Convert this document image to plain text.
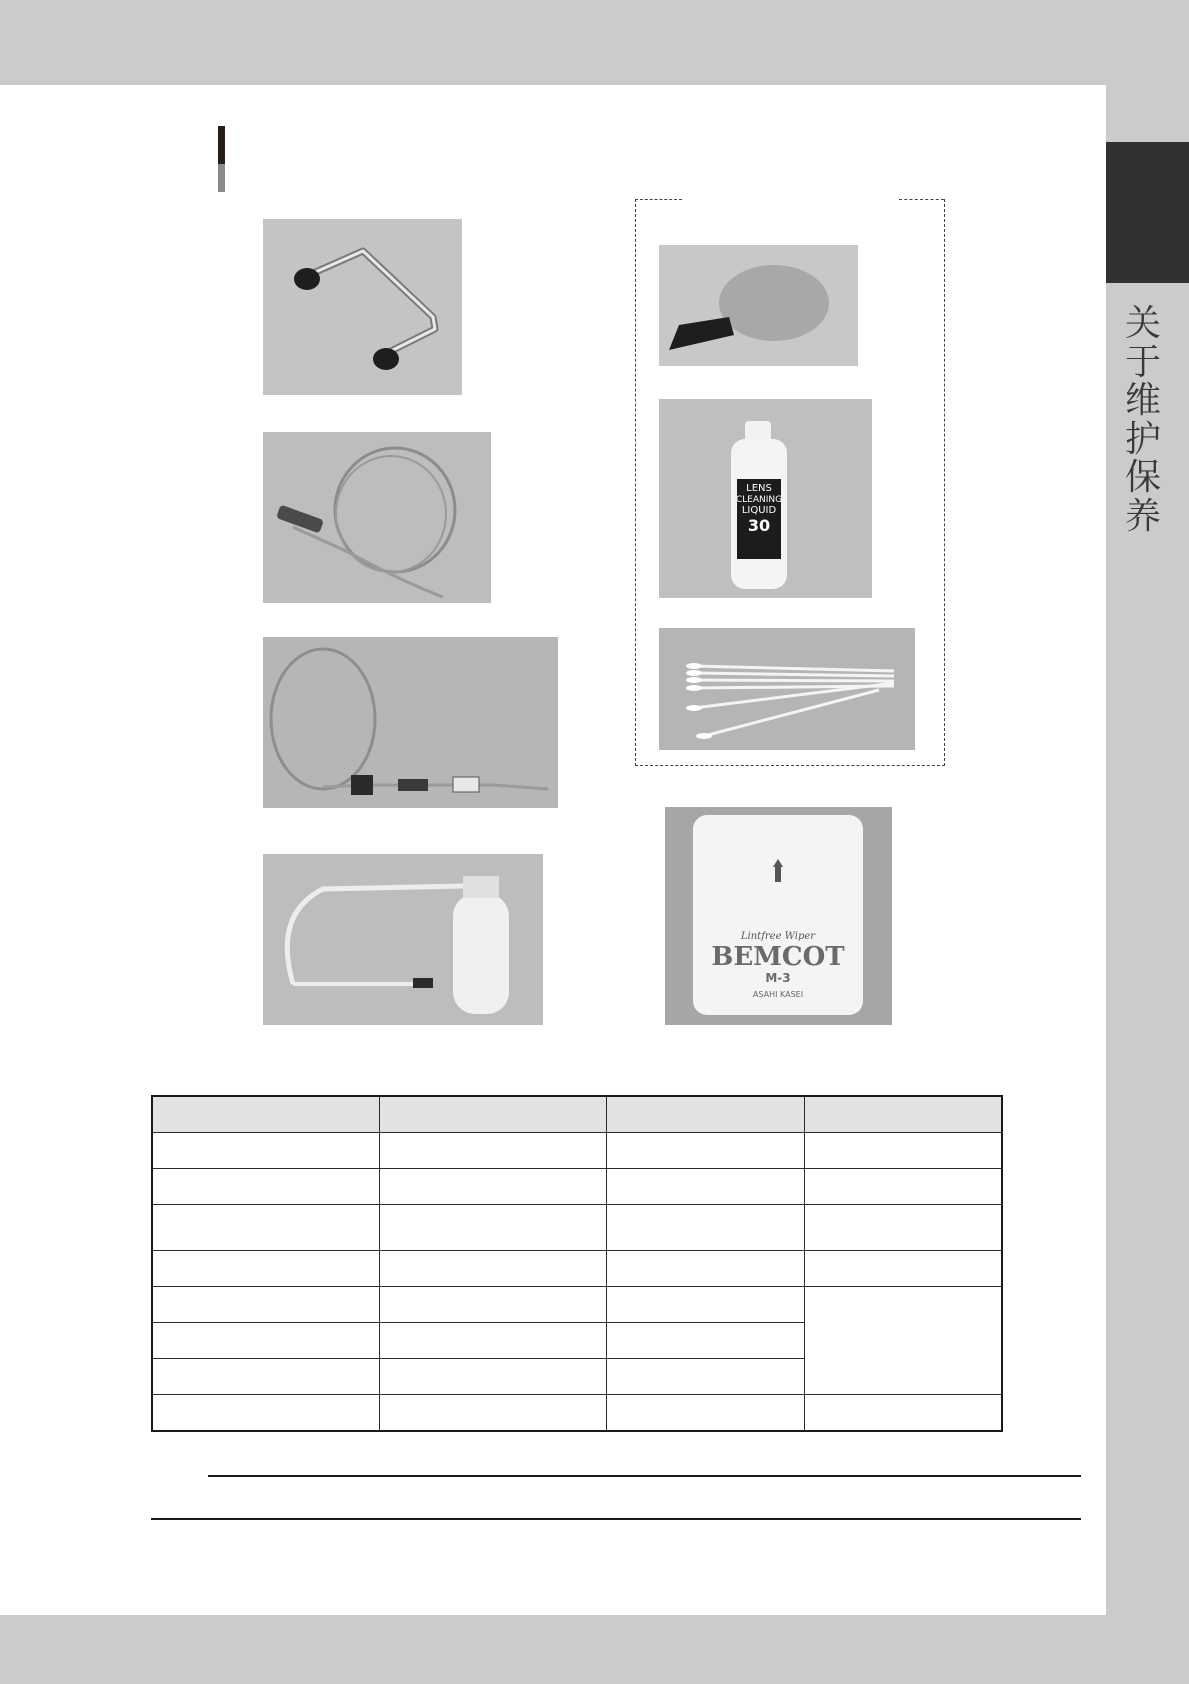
关
于
维
护
保
养
LENS
CLEANING
LIQUID
30
Lintfree Wiper
BEMCOT
M-3
ASAHI KASEI
